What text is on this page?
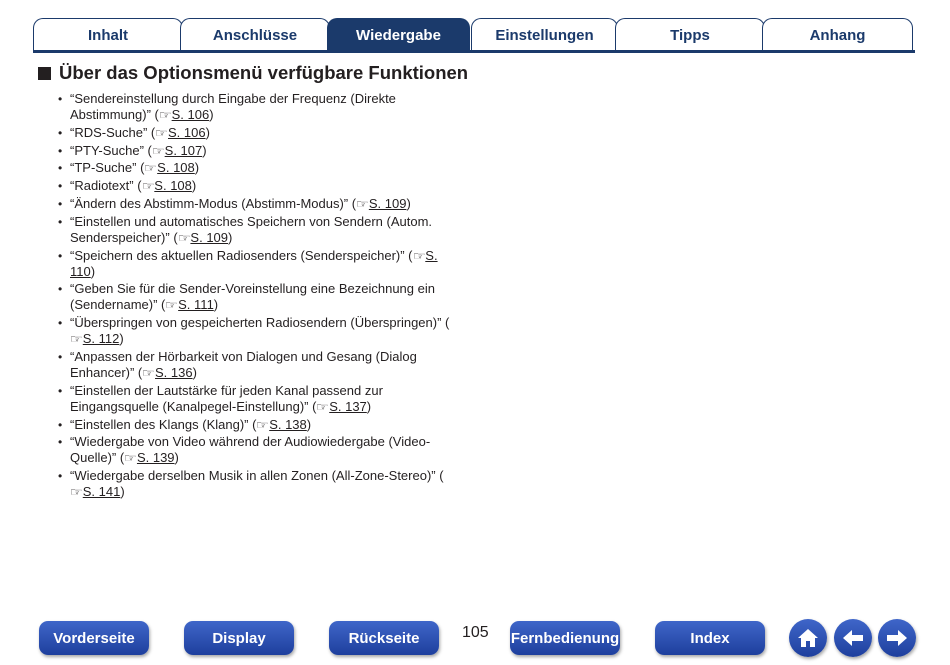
Inhalt	Anschlüsse	Wiedergabe	Einstellungen	Tipps	Anhang
Über das Optionsmenü verfügbare Funktionen
• “Sendereinstellung durch Eingabe der Frequenz (Direkte Abstimmung)” (☞S. 106)
• “RDS-Suche” (☞S. 106)
• “PTY-Suche” (☞S. 107)
• “TP-Suche” (☞S. 108)
• “Radiotext” (☞S. 108)
• “Ändern des Abstimm-Modus (Abstimm-Modus)” (☞S. 109)
• “Einstellen und automatisches Speichern von Sendern (Autom. Senderspeicher)” (☞S. 109)
• “Speichern des aktuellen Radiosenders (Senderspeicher)” (☞S. 110)
• “Geben Sie für die Sender-Voreinstellung eine Bezeichnung ein (Sendername)” (☞S. 111)
• “Überspringen von gespeicherten Radiosendern (Überspringen)” (☞S. 112)
• “Anpassen der Hörbarkeit von Dialogen und Gesang (Dialog Enhancer)” (☞S. 136)
• “Einstellen der Lautstärke für jeden Kanal passend zur Eingangsquelle (Kanalpegel-Einstellung)” (☞S. 137)
• “Einstellen des Klangs (Klang)” (☞S. 138)
• “Wiedergabe von Video während der Audiowiedergabe (Video-Quelle)” (☞S. 139)
• “Wiedergabe derselben Musik in allen Zonen (All-Zone-Stereo)” (☞S. 141)
Vorderseite	Display	Rückseite	105 Fernbedienung	Index
